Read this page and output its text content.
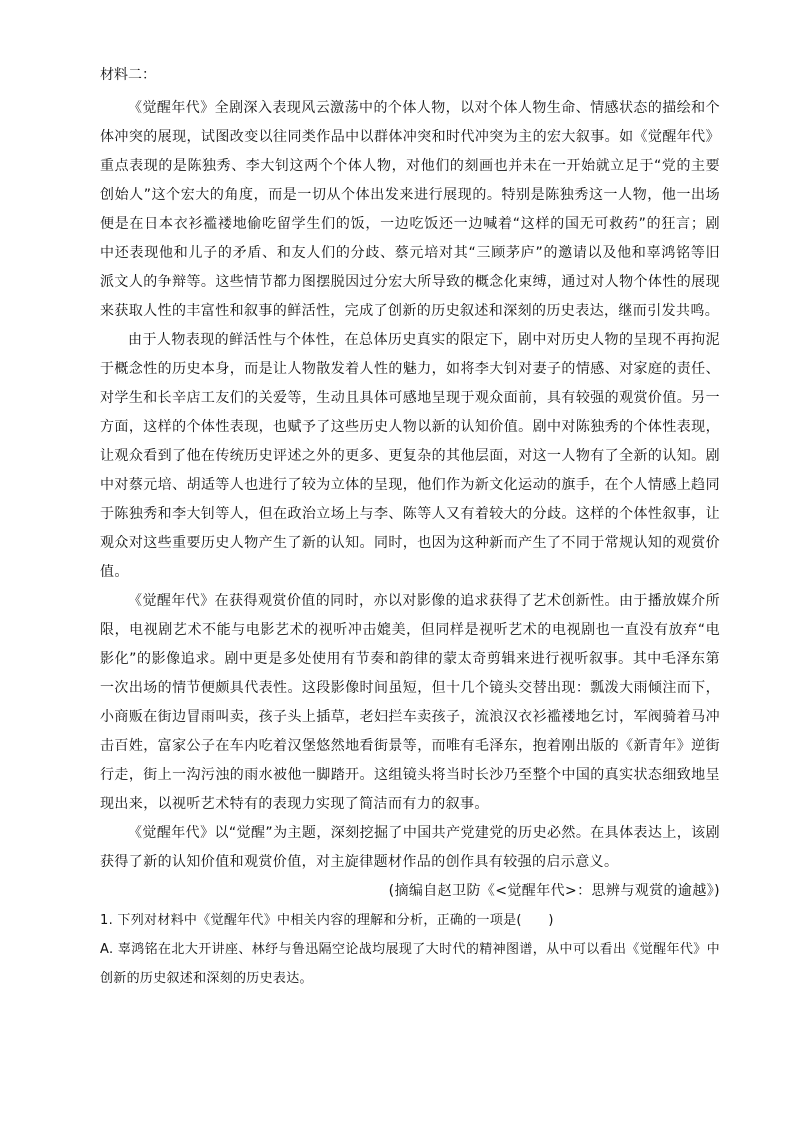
材料二：

《觉醒年代》全剧深入表现风云激荡中的个体人物，以对个体人物生命、情感状态的描绘和个体冲突的展现，试图改变以往同类作品中以群体冲突和时代冲突为主的宏大叙事。如《觉醒年代》重点表现的是陈独秀、李大钊这两个个体人物，对他们的刻画也并未在一开始就立足于“党的主要创始人”这个宏大的角度，而是一切从个体出发来进行展现的。特别是陈独秀这一人物，他一出场便是在日本衣衫褴褛地偷吃留学生们的饭，一边吃饭还一边喊着“这样的国无可救药”的狂言；剧中还表现他和儿子的矛盾、和友人们的分歧、蔡元培对其“三顾茅庐”的邀请以及他和辜鸿铭等旧派文人的争辩等。这些情节都力图摆脱因过分宏大所导致的概念化束缚，通过对人物个体性的展现来获取人性的丰富性和叙事的鲜活性，完成了创新的历史叙述和深刻的历史表达，继而引发共鸣。

由于人物表现的鲜活性与个体性，在总体历史真实的限定下，剧中对历史人物的呈现不再拘泥于概念性的历史本身，而是让人物散发着人性的魅力，如将李大钊对妻子的情感、对家庭的责任、对学生和长辛店工友们的关爱等，生动且具体可感地呈现于观众面前，具有较强的观赏价值。另一方面，这样的个体性表现，也赋予了这些历史人物以新的认知价值。剧中对陈独秀的个体性表现，让观众看到了他在传统历史评述之外的更多、更复杂的其他层面，对这一人物有了全新的认知。剧中对蔡元培、胡适等人也进行了较为立体的呈现，他们作为新文化运动的旗手，在个人情感上趋同于陈独秀和李大钊等人，但在政治立场上与李、陈等人又有着较大的分歧。这样的个体性叙事，让观众对这些重要历史人物产生了新的认知。同时，也因为这种新而产生了不同于常规认知的观赏价值。

《觉醒年代》在获得观赏价值的同时，亦以对影像的追求获得了艺术创新性。由于播放媒介所限，电视剧艺术不能与电影艺术的视听冲击媲美，但同样是视听艺术的电视剧也一直没有放弃“电影化”的影像追求。剧中更是多处使用有节奏和韵律的蒙太奇剪辑来进行视听叙事。其中毛泽东第一次出场的情节便颇具代表性。这段影像时间虽短，但十几个镜头交替出现：瓢泼大雨倾注而下，小商贩在街边冒雨叫卖，孩子头上插草，老妇拦车卖孩子，流浪汉衣衫褴褛地乞讨，军阀骑着马冲击百姓，富家公子在车内吃着汉堡悠然地看街景等，而唯有毛泽东，抱着刚出版的《新青年》逆街行走，街上一沟污浊的雨水被他一脚踏开。这组镜头将当时长沙乃至整个中国的真实状态细致地呈现出来，以视听艺术特有的表现力实现了简洁而有力的叙事。

《觉醒年代》以“觉醒”为主题，深刻挖掘了中国共产党建党的历史必然。在具体表达上，该剧获得了新的认知价值和观赏价值，对主旋律题材作品的创作具有较强的启示意义。

(摘编自赵卫防《<觉醒年代>：思辨与观赏的逾越》)

1. 下列对材料中《觉醒年代》中相关内容的理解和分析，正确的一项是(　　)

A. 辜鸿铭在北大开讲座、林纾与鲁迅隔空论战均展现了大时代的精神图谱，从中可以看出《觉醒年代》中创新的历史叙述和深刻的历史表达。
